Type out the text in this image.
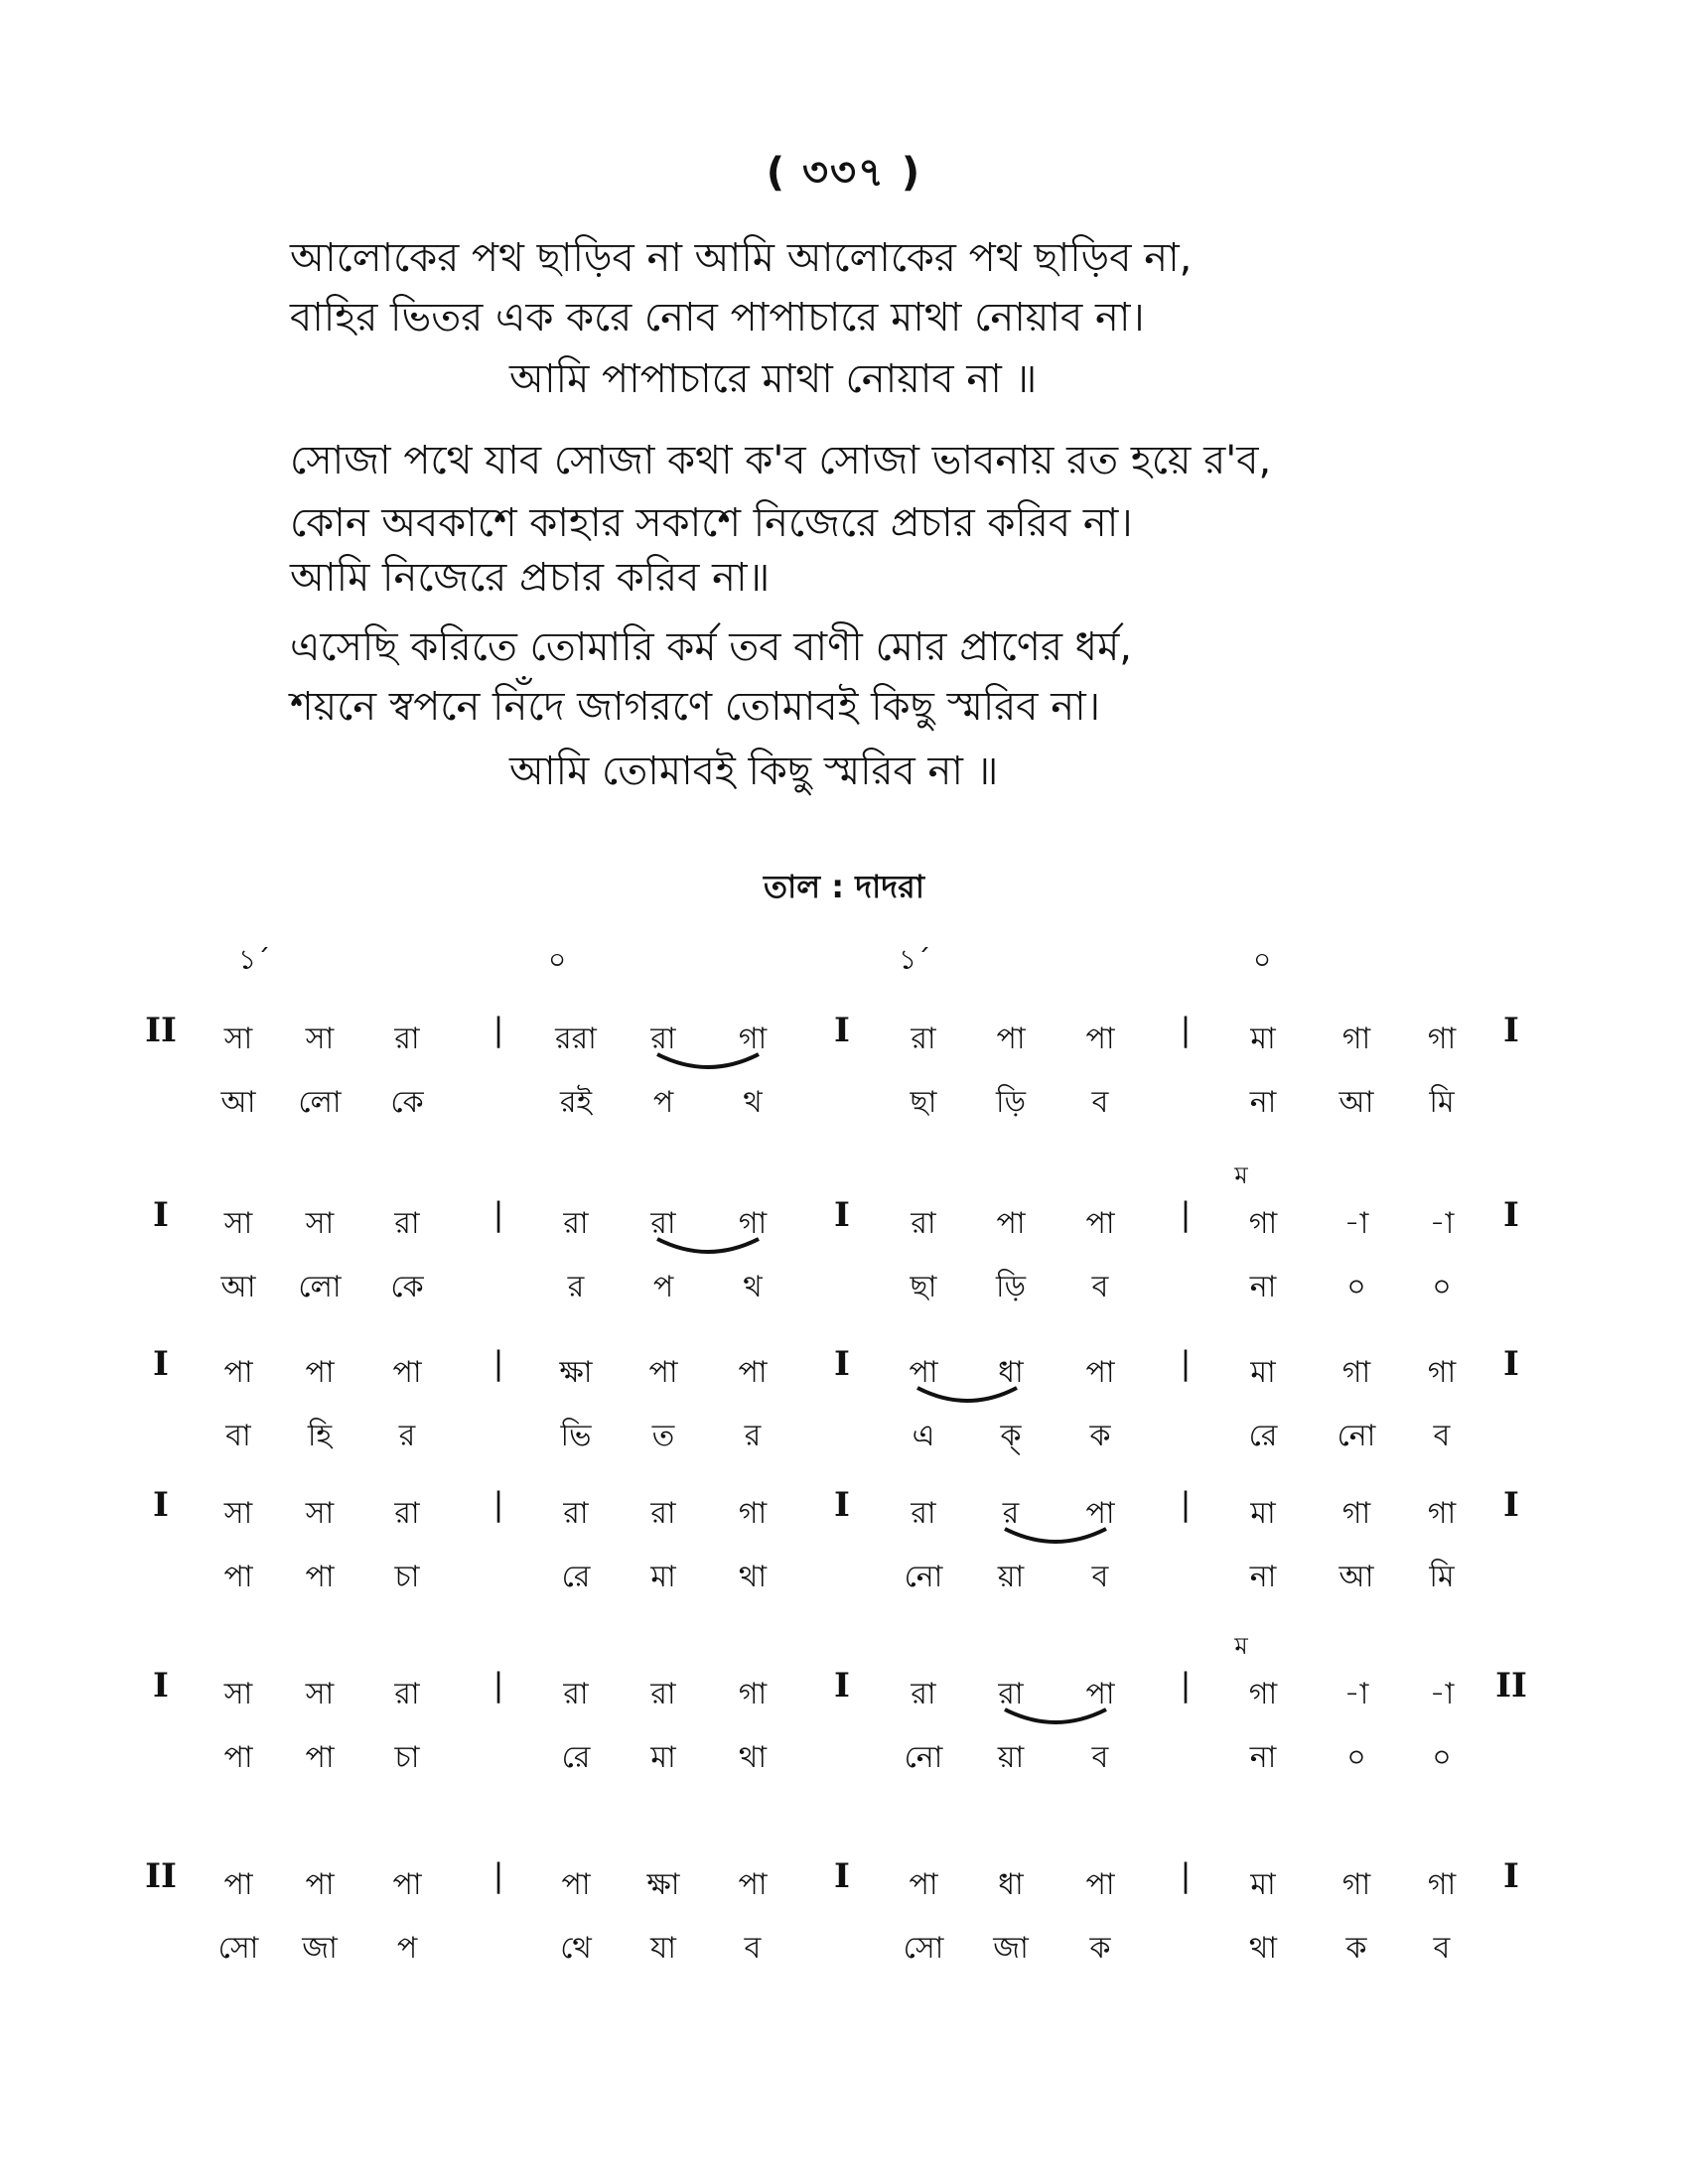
( ৩৩৭ )
আলোকের পথ ছাড়িব না আমি আলোকের পথ ছাড়িব না,
বাহির ভিতর এক করে নোব পাপাচারে মাথা নোয়াব না।
আমি পাপাচারে মাথা নোয়াব না ॥
সোজা পথে যাব সোজা কথা ক'ব সোজা ভাবনায় রত হয়ে র'ব,
কোন অবকাশে কাহার সকাশে নিজেরে প্রচার করিব না।
আমি নিজেরে প্রচার করিব না॥
এসেছি করিতে তোমারি কর্ম তব বাণী মোর প্রাণের ধর্ম,
শয়নে স্বপনে নিঁদে জাগরণে তোমাবই কিছু স্মরিব না।
আমি তোমাবই কিছু স্মরিব না ॥
তাল : দাদরা
১´	০	১´	০
II	I
সা সা রা | ররা রা গা I রা পা পা | মা গা গা
আ লো কে	রই প থ	ছা ড়ি ব	না আ মি
I	I
সা সা রা | রা রা গা I রা পা পা | গা -া -া
আ লো কে	র প থ	ছা ড়ি ব	না ০ ০
ম
I	I
পা পা পা | ক্ষা পা পা I পা ধা পা | মা গা গা
বা হি র	ভি ত র	এ ক্ ক	রে নো ব
I	I
সা সা রা | রা রা গা I রা র পা | মা গা গা
পা পা চা	রে মা থা	নো য়া ব	না আ মি
I	II
সা সা রা | রা রা গা I রা রা পা | গা -া -া
পা পা চা	রে মা থা	নো য়া ব	না ০ ০
ম
II	I
পা পা পা | পা ক্ষা পা I পা ধা পা | মা গা গা
সো জা প	থে যা ব	সো জা ক	থা ক ব
